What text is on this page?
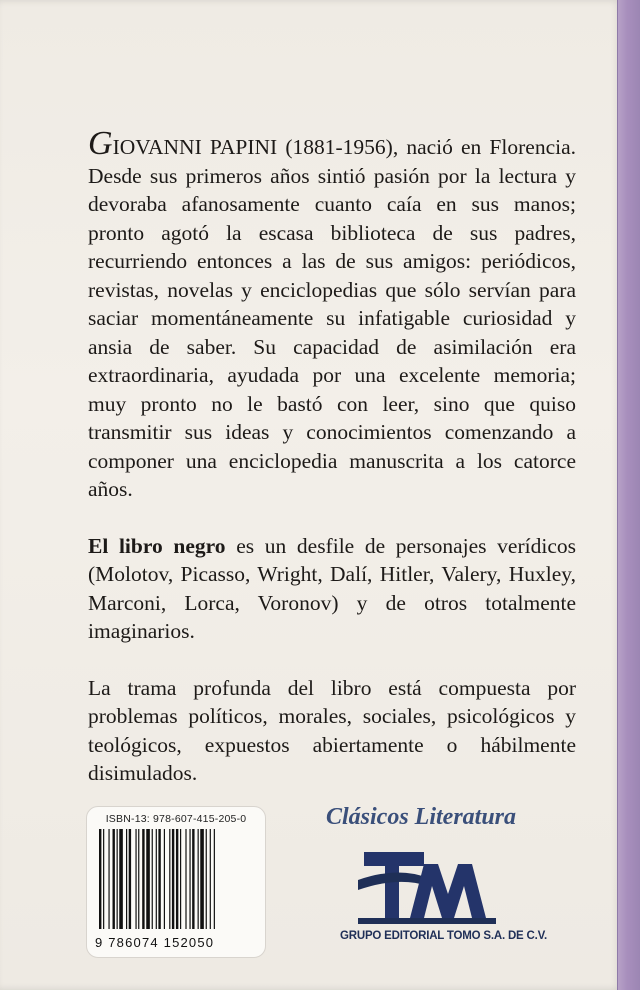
GIOVANNI PAPINI (1881-1956), nació en Florencia. Desde sus primeros años sintió pasión por la lectura y devoraba afanosamente cuanto caía en sus manos; pronto agotó la escasa biblioteca de sus padres, recurriendo entonces a las de sus amigos: periódicos, revistas, novelas y enciclopedias que sólo servían para saciar momentáneamente su infatigable curiosidad y ansia de saber. Su capacidad de asimilación era extraordinaria, ayudada por una excelente memoria; muy pronto no le bastó con leer, sino que quiso transmitir sus ideas y conocimientos comenzando a componer una enciclopedia manuscrita a los catorce años.

El libro negro es un desfile de personajes verídicos (Molotov, Picasso, Wright, Dalí, Hitler, Valery, Huxley, Marconi, Lorca, Voronov) y de otros totalmente imaginarios.

La trama profunda del libro está compuesta por problemas políticos, morales, sociales, psicológicos y teológicos, expuestos abiertamente o hábilmente disimulados.

ISBN-13: 978-607-415-205-0
9 786074 152050
Clásicos Literatura
GRUPO EDITORIAL TOMO S.A. DE C.V.
